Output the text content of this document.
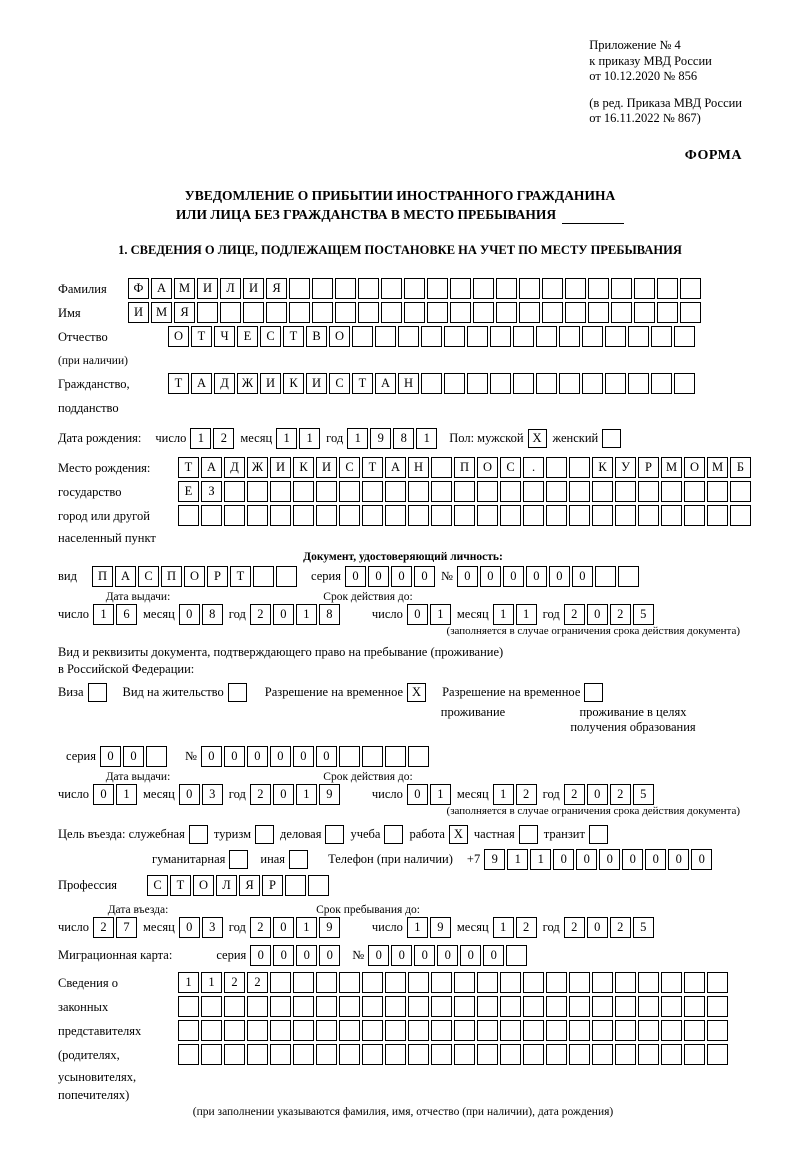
Приложение № 4
к приказу МВД России
от 10.12.2020 № 856
(в ред. Приказа МВД России
от 16.11.2022 № 867)
ФОРМА
УВЕДОМЛЕНИЕ О ПРИБЫТИИ ИНОСТРАННОГО ГРАЖДАНИНА
ИЛИ ЛИЦА БЕЗ ГРАЖДАНСТВА В МЕСТО ПРЕБЫВАНИЯ
1. СВЕДЕНИЯ О ЛИЦЕ, ПОДЛЕЖАЩЕМ ПОСТАНОВКЕ НА УЧЕТ ПО МЕСТУ ПРЕБЫВАНИЯ
Фамилия	Ф	А	М	И	Л	И	Я
Имя	И	М	Я
Отчество	О	Т	Ч	Е	С	Т	В	О
(при наличии)
Гражданство,	Т	А	Д	Ж	И	К	И	С	Т	А	Н
подданство
Дата рождения: число 1	2	месяц 1	1	год 1	9	8	1	Пол: мужской X женский
Место рождения:	Т	А	Д	Ж	И	К	И	С	Т	А	Н	П	О	С	.	К	У	Р	М	О	М	Б
государство	Е	З
город или другой
населенный пункт
Документ, удостоверяющий личность:
вид	П	А	С	П	О	Р	Т	серия 0	0	0	0	№ 0	0	0	0	0	0
Дата выдачи:	Срок действия до:
число 1	6	месяц 0	8	год 2	0	1	8	число 0	1	месяц 1	1	год 2	0	2	5
(заполняется в случае ограничения срока действия документа)
Вид и реквизиты документа, подтверждающего право на пребывание (проживание)
в Российской Федерации:
Виза	Вид на жительство	Разрешение на временное X	Разрешение на временное
проживание	проживание в целях
получения образования
серия 0	0	№ 0	0	0	0	0	0
Дата выдачи:	Срок действия до:
число 0	1	месяц 0	3	год 2	0	1	9	число 0	1	месяц 1	2	год 2	0	2	5
(заполняется в случае ограничения срока действия документа)
Цель въезда: служебная туризм деловая учеба работа X частная транзит
гуманитарная	иная	Телефон (при наличии) +7 9	1	1	0	0	0	0	0	0	0
Профессия	С	Т	О	Л	Я	Р
Дата въезда:	Срок пребывания до:
число 2	7	месяц 0	3	год 2	0	1	9	число 1	9	месяц 1	2	год 2	0	2	5
Миграционная карта:	серия 0	0	0	0	№ 0	0	0	0	0	0
Сведения о	1	1	2	2
законных
представителях
(родителях,
усыновителях,
попечителях)
(при заполнении указываются фамилия, имя, отчество (при наличии), дата рождения)
